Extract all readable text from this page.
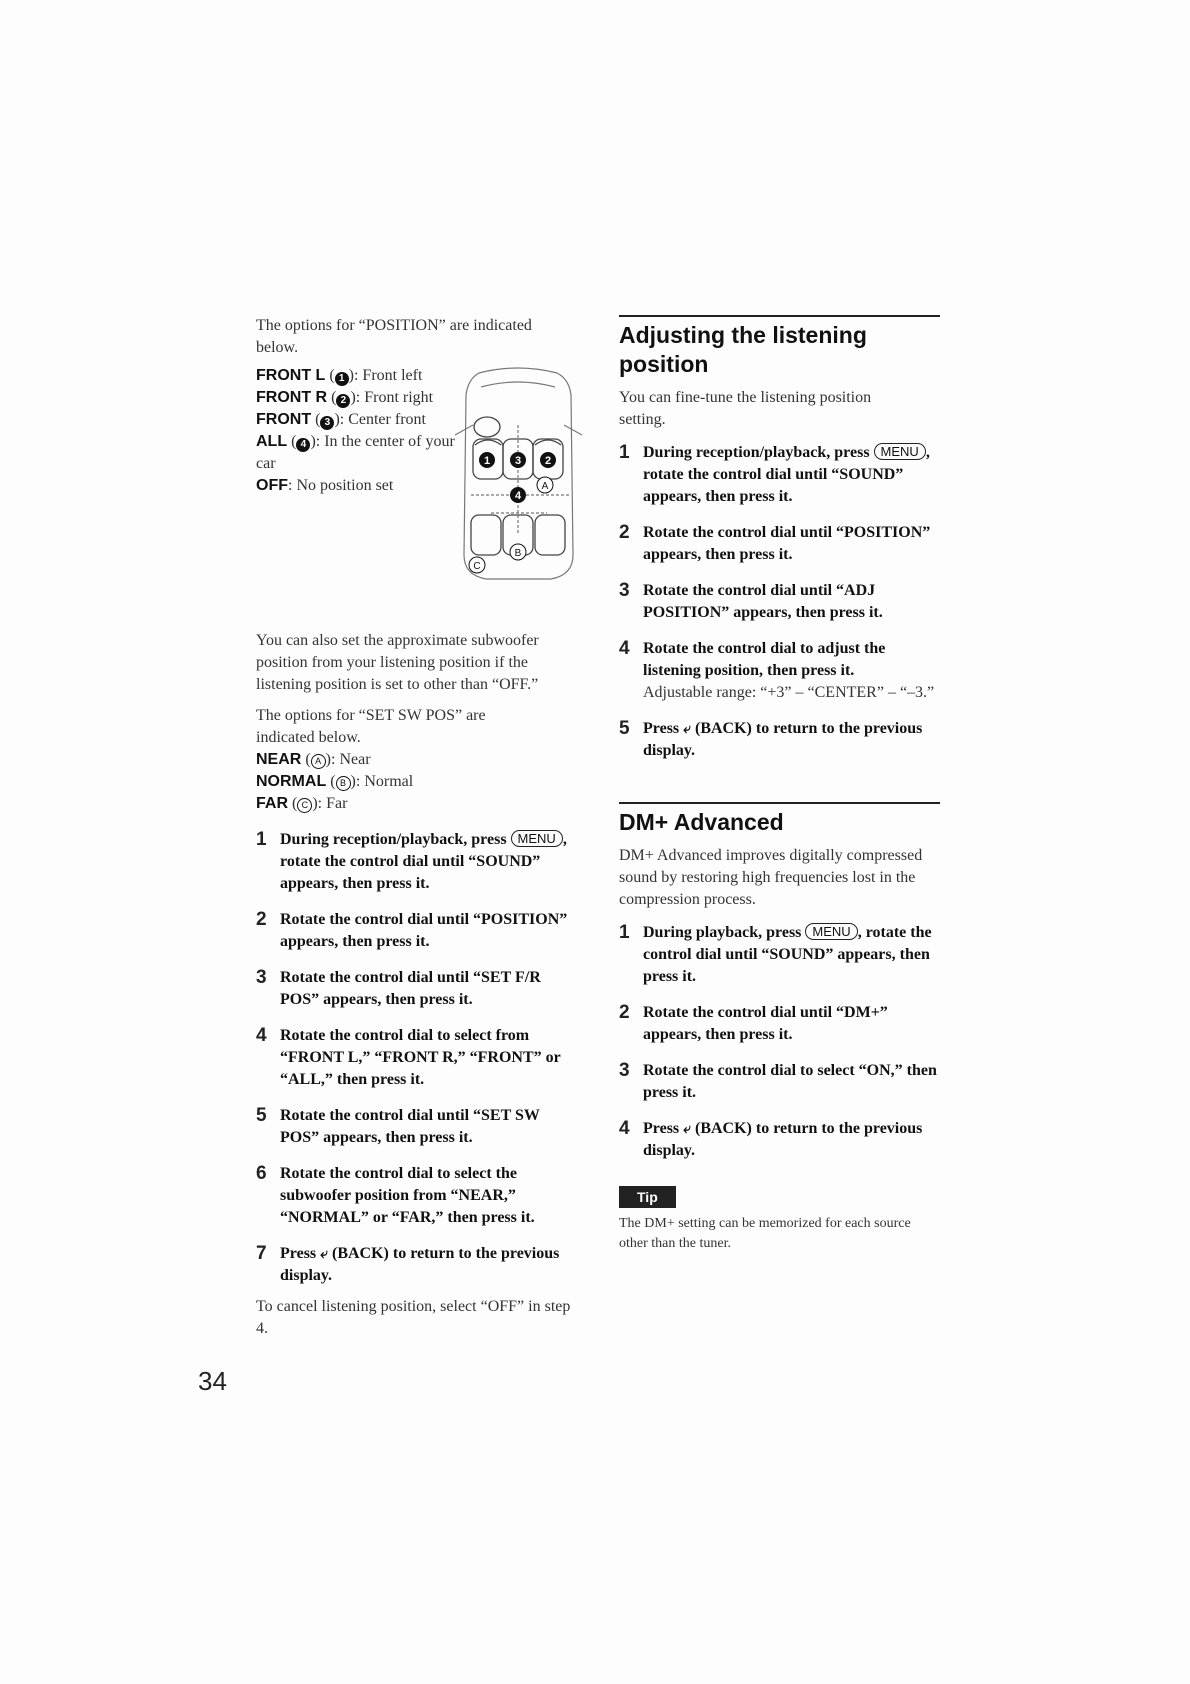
The options for “POSITION” are indicated below.

FRONT L ( 1 ): Front left

FRONT R ( 2 ): Front right

FRONT ( 3 ): Center front

ALL ( 4 ): In the center of your car

OFF: No position set

1 3 2
4
A
B
C

You can also set the approximate subwoofer position from your listening position if the listening position is set to other than “OFF.”

The options for “SET SW POS” are indicated below.

NEAR ( A ): Near

NORMAL ( B ): Normal

FAR ( C ): Far

1 During reception/playback, press MENU , rotate the control dial until “SOUND” appears, then press it.
2 Rotate the control dial until “POSITION” appears, then press it.
3 Rotate the control dial until “SET F/R POS” appears, then press it.
4 Rotate the control dial to select from “FRONT L,” “FRONT R,” “FRONT” or “ALL,” then press it.
5 Rotate the control dial until “SET SW POS” appears, then press it.
6 Rotate the control dial to select the subwoofer position from “NEAR,” “NORMAL” or “FAR,” then press it.
7 Press ⤶ (BACK) to return to the previous display.

To cancel listening position, select “OFF” in step 4.

Adjusting the listening position

You can fine-tune the listening position setting.

1 During reception/playback, press MENU , rotate the control dial until “SOUND” appears, then press it.
2 Rotate the control dial until “POSITION” appears, then press it.
3 Rotate the control dial until “ADJ POSITION” appears, then press it.
4 Rotate the control dial to adjust the listening position, then press it.
Adjustable range: “+3” – “CENTER” – “–3.”
5 Press ⤶ (BACK) to return to the previous display.
DM+ Advanced

DM+ Advanced improves digitally compressed sound by restoring high frequencies lost in the compression process.

1 During playback, press MENU , rotate the control dial until “SOUND” appears, then press it.
2 Rotate the control dial until “DM+” appears, then press it.
3 Rotate the control dial to select “ON,” then press it.
4 Press ⤶ (BACK) to return to the previous display.
Tip

The DM+ setting can be memorized for each source other than the tuner.

34
